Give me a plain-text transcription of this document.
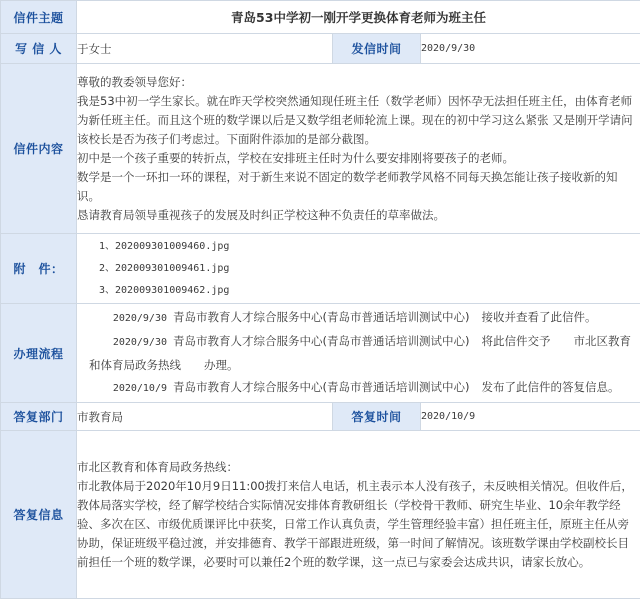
信件主题	青岛53中学初一刚开学更换体育老师为班主任		
写 信 人	于女士	发信时间	2020/9/30
信件内容	尊敬的教委领导您好：
我是53中初一学生家长。就在昨天学校突然通知现任班主任（数学老师）因怀孕无法担任班主任，由体育老师为新任班主任。而且这个班的数学课以后是又数学组老师轮流上课。现在的初中学习这么紧张 又是刚开学请问该校长是否为孩子们考虑过。下面附件添加的是部分截图。
初中是一个孩子重要的转折点，学校在安排班主任时为什么要安排刚将要孩子的老师。
数学是一个一环扣一环的课程，对于新生来说不固定的数学老师教学风格不同每天换怎能让孩子接收新的知识。
恳请教育局领导重视孩子的发展及时纠正学校这种不负责任的草率做法。		

附　件：	1、202009301009460.jpg
2、202009301009461.jpg
3、202009301009462.jpg		

办理流程	2020/9/30 青岛市教育人才综合服务中心(青岛市普通话培训测试中心) 接收并查看了此信件。
2020/9/30 青岛市教育人才综合服务中心(青岛市普通话培训测试中心) 将此信件交予　　市北区教育和体育局政务热线　　办理。
2020/10/9 青岛市教育人才综合服务中心(青岛市普通话培训测试中心) 发布了此信件的答复信息。		

答复部门	市教育局	答复时间	2020/10/9
答复信息	市北区教育和体育局政务热线：
市北教体局于2020年10月9日11:00拨打来信人电话，机主表示本人没有孩子，未反映相关情况。但收件后，教体局落实学校，经了解学校结合实际情况安排体育教研组长（学校骨干教师、研究生毕业、10余年教学经验、多次在区、市级优质课评比中获奖，日常工作认真负责，学生管理经验丰富）担任班主任，原班主任从旁协助，保证班级平稳过渡，并安排德育、教学干部跟进班级，第一时间了解情况。该班数学课由学校副校长目前担任一个班的数学课，必要时可以兼任2个班的数学课，这一点已与家委会达成共识，请家长放心。		
